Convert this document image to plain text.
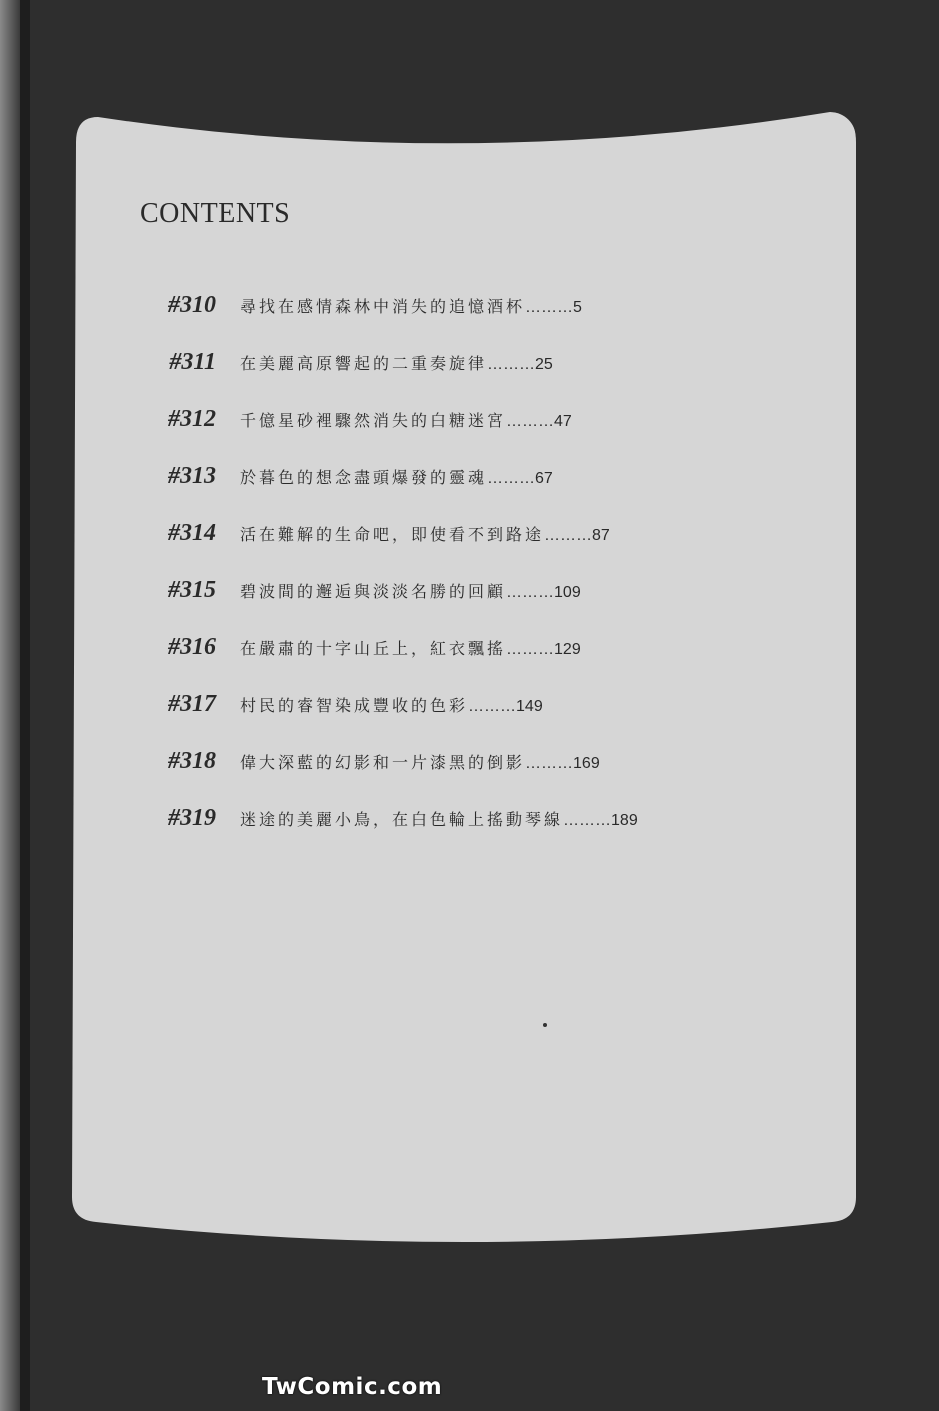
CONTENTS
#310 尋找在感情森林中消失的追憶酒杯 ……… 5
#311 在美麗高原響起的二重奏旋律 ……… 25
#312 千億星砂裡驟然消失的白糖迷宮 ……… 47
#313 於暮色的想念盡頭爆發的靈魂 ……… 67
#314 活在難解的生命吧，即使看不到路途 ……… 87
#315 碧波間的邂逅與淡淡名勝的回顧 ……… 109
#316 在嚴肅的十字山丘上，紅衣飄搖 ……… 129
#317 村民的睿智染成豐收的色彩 ……… 149
#318 偉大深藍的幻影和一片漆黑的倒影 ……… 169
#319 迷途的美麗小鳥，在白色輪上搖動琴線 ……… 189
TwComic.com
